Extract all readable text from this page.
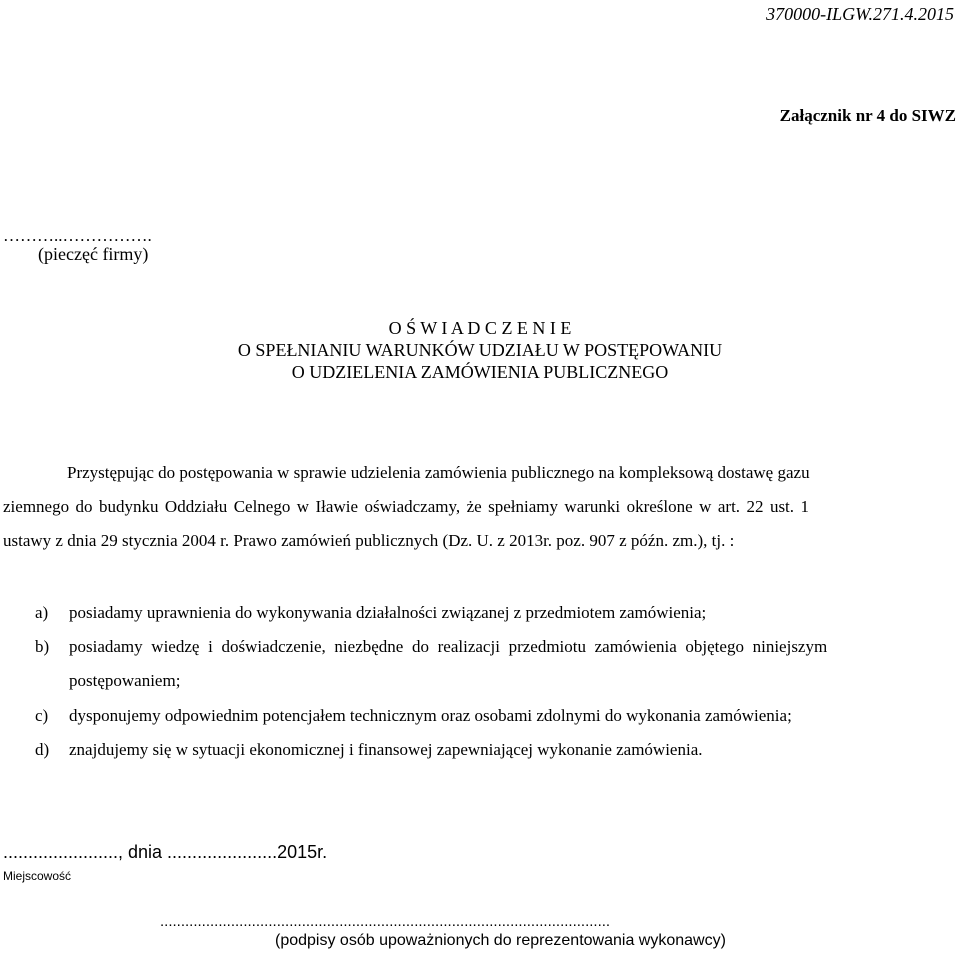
370000-ILGW.271.4.2015
Załącznik nr 4 do SIWZ
………..…………….
(pieczęć firmy)
O Ś W I A D C Z E N I E
O SPEŁNIANIU WARUNKÓW UDZIAŁU W POSTĘPOWANIU
O UDZIELENIA ZAMÓWIENIA PUBLICZNEGO
Przystępując do postępowania w sprawie udzielenia zamówienia publicznego na kompleksową dostawę gazu
ziemnego do budynku Oddziału Celnego w Iławie oświadczamy, że spełniamy warunki określone w art. 22 ust. 1
ustawy z dnia 29 stycznia 2004 r. Prawo zamówień publicznych (Dz. U. z 2013r. poz. 907 z późn. zm.), tj. :
a) posiadamy uprawnienia do wykonywania działalności związanej z przedmiotem zamówienia;
b) posiadamy wiedzę i doświadczenie, niezbędne do realizacji przedmiotu zamówienia objętego niniejszym
postępowaniem;
c) dysponujemy odpowiednim potencjałem technicznym oraz osobami zdolnymi do wykonania zamówienia;
d) znajdujemy się w sytuacji ekonomicznej i finansowej zapewniającej wykonanie zamówienia.
......................., dnia ......................2015r.
Miejscowość
............................................................................................................
(podpisy osób upoważnionych do reprezentowania wykonawcy)
